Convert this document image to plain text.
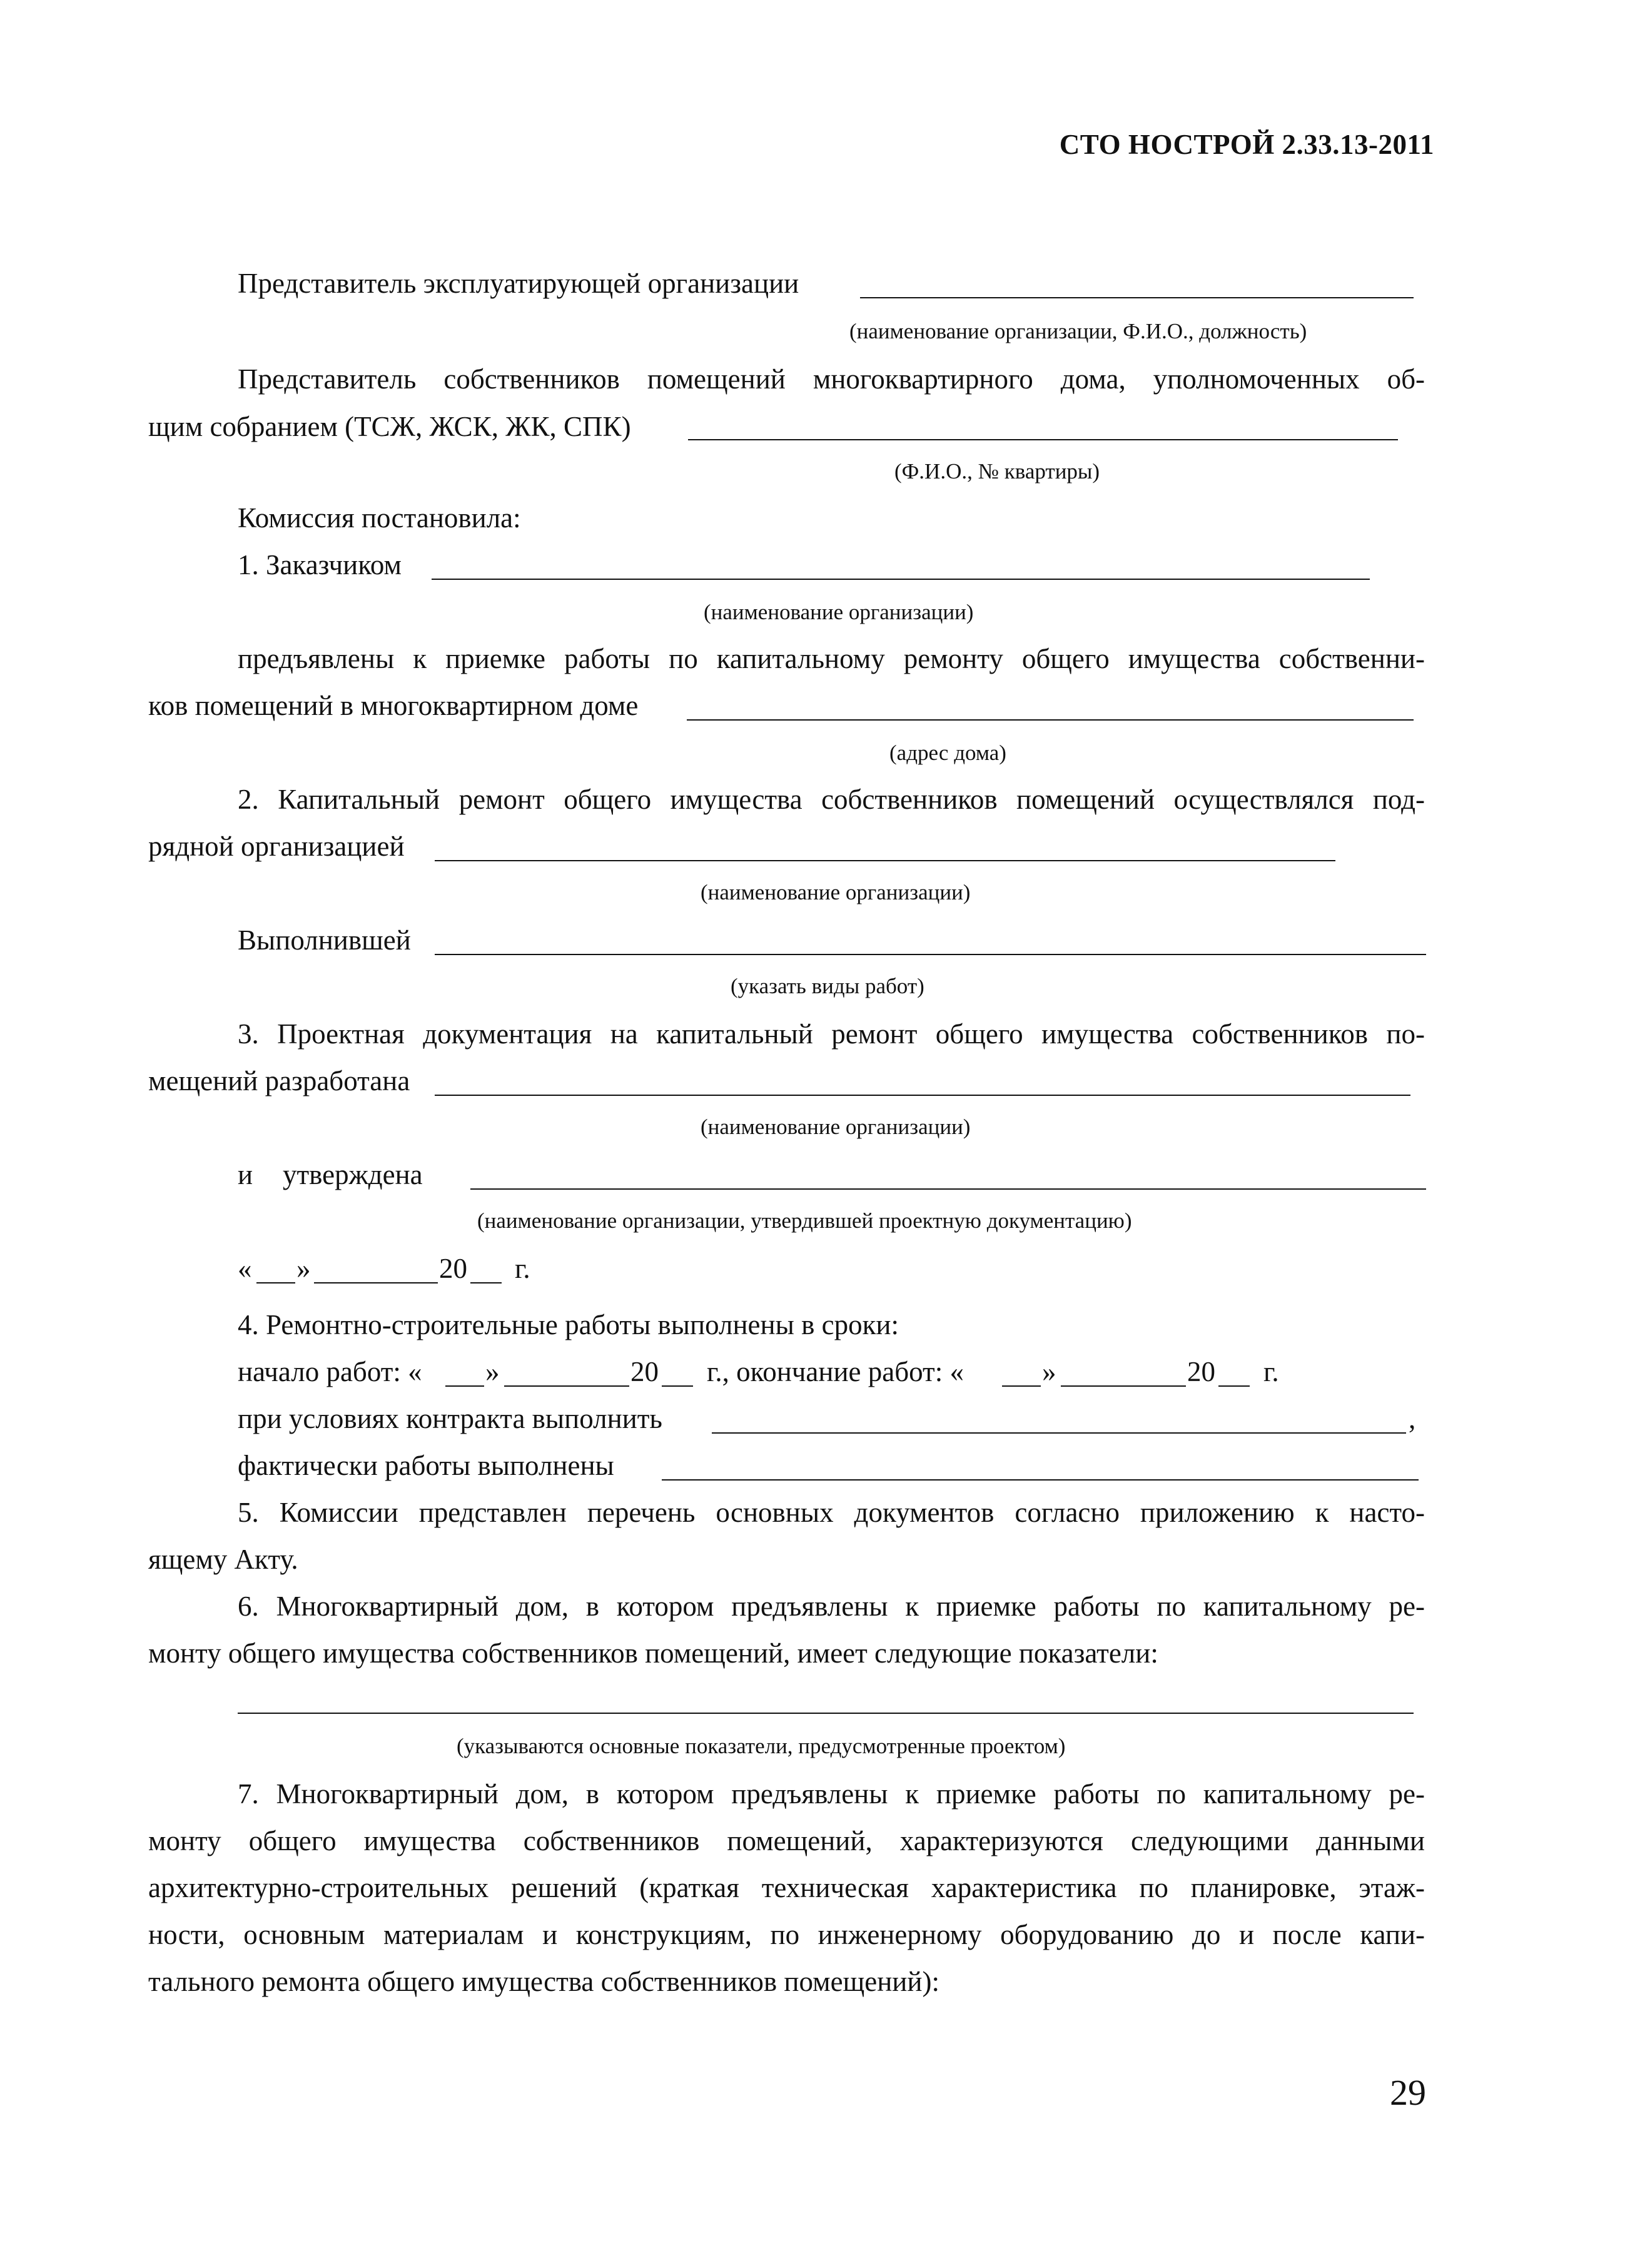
СТО НОСТРОЙ 2.33.13-2011
Представитель эксплуатирующей организации
(наименование организации, Ф.И.О., должность)
Представитель собственников помещений многоквартирного дома, уполномоченных об-
щим собранием (ТСЖ, ЖСК, ЖК, СПК)
(Ф.И.О., № квартиры)
Комиссия постановила:
1. Заказчиком
(наименование организации)
предъявлены к приемке работы по капитальному ремонту общего имущества собственни-
ков помещений в многоквартирном доме
(адрес дома)
2. Капитальный ремонт общего имущества собственников помещений осуществлялся под-
рядной организацией
(наименование организации)
Выполнившей
(указать виды работ)
3. Проектная документация на капитальный ремонт общего имущества собственников по-
мещений разработана
(наименование организации)
и утверждена
(наименование организации, утвердившей проектную документацию)
« »	20 г.
4. Ремонтно-строительные работы выполнены в сроки:
начало работ: « »	20 г., окончание работ: «	»	20 г.
при условиях контракта выполнить	,
фактически работы выполнены
5. Комиссии представлен перечень основных документов согласно приложению к насто-
ящему Акту.
6. Многоквартирный дом, в котором предъявлены к приемке работы по капитальному ре-
монту общего имущества собственников помещений, имеет следующие показатели:
(указываются основные показатели, предусмотренные проектом)
7. Многоквартирный дом, в котором предъявлены к приемке работы по капитальному ре-
монту общего имущества собственников помещений, характеризуются следующими данными
архитектурно-строительных решений (краткая техническая характеристика по планировке, этаж-
ности, основным материалам и конструкциям, по инженерному оборудованию до и после капи-
тального ремонта общего имущества собственников помещений):
29
